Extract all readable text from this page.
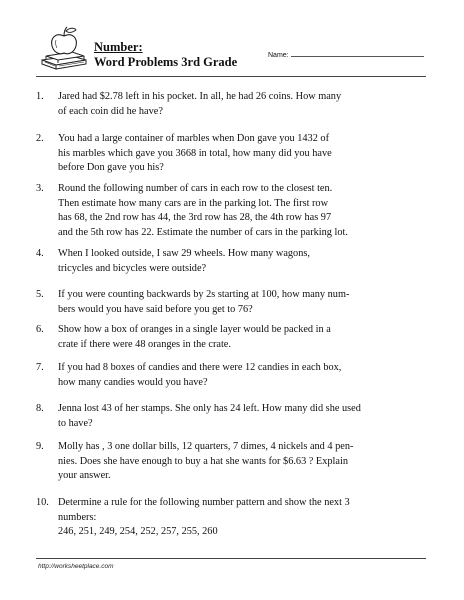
Number:
Word Problems 3rd Grade	Name:
1.	Jared had $2.78 left in his pocket. In all, he had 26 coins. How many
of each coin did he have?
2.	You had a large container of marbles when Don gave you 1432 of
his marbles which gave you 3668 in total, how many did you have
before Don gave you his?
3.	Round the following number of cars in each row to the closest ten.
Then estimate how many cars are in the parking lot. The first row
has 68, the 2nd row has 44, the 3rd row has 28, the 4th row has 97
and the 5th row has 22. Estimate the number of cars in the parking lot.
4.	When I looked outside, I saw 29 wheels. How many wagons,
tricycles and bicycles were outside?
5.	If you were counting backwards by 2s starting at 100, how many num-
bers would you have said before you get to 76?
6.	Show how a box of oranges in a single layer would be packed in a
crate if there were 48 oranges in the crate.
7.	If you had 8 boxes of candies and there were 12 candies in each box,
how many candies would you have?
8.	Jenna lost 43 of her stamps. She only has 24 left. How many did she used
to have?
9.	Molly has , 3 one dollar bills, 12 quarters, 7 dimes, 4 nickels and 4 pen-
nies. Does she have enough to buy a hat she wants for $6.63 ? Explain
your answer.
10. Determine a rule for the following number pattern and show the next 3
numbers:
246, 251, 249, 254, 252, 257, 255, 260
http://worksheetplace.com
